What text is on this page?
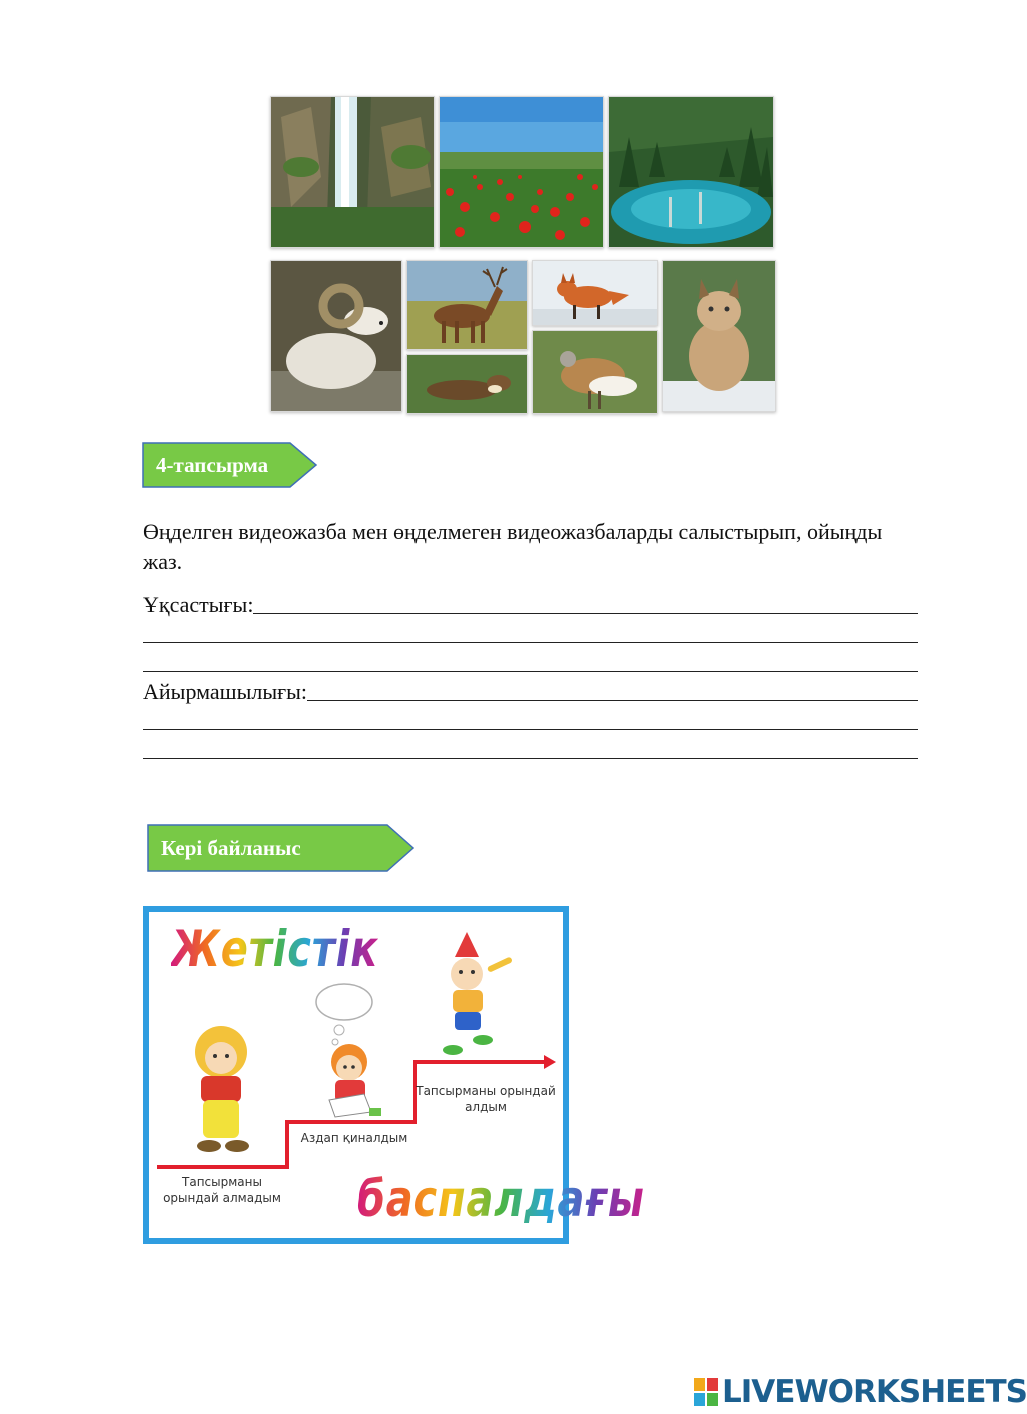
4-тапсырма

Өңделген видеожазба мен өңделмеген видеожазбаларды салыстырып, ойыңды жаз.

Ұқсастығы:
Айырмашылығы:
Кері байланыс
Жетістік
баспалдағы
Тапсырманы орындай алмадым
Аздап қиналдым
Тапсырманы орындай алдым
LIVEWORKSHEETS
